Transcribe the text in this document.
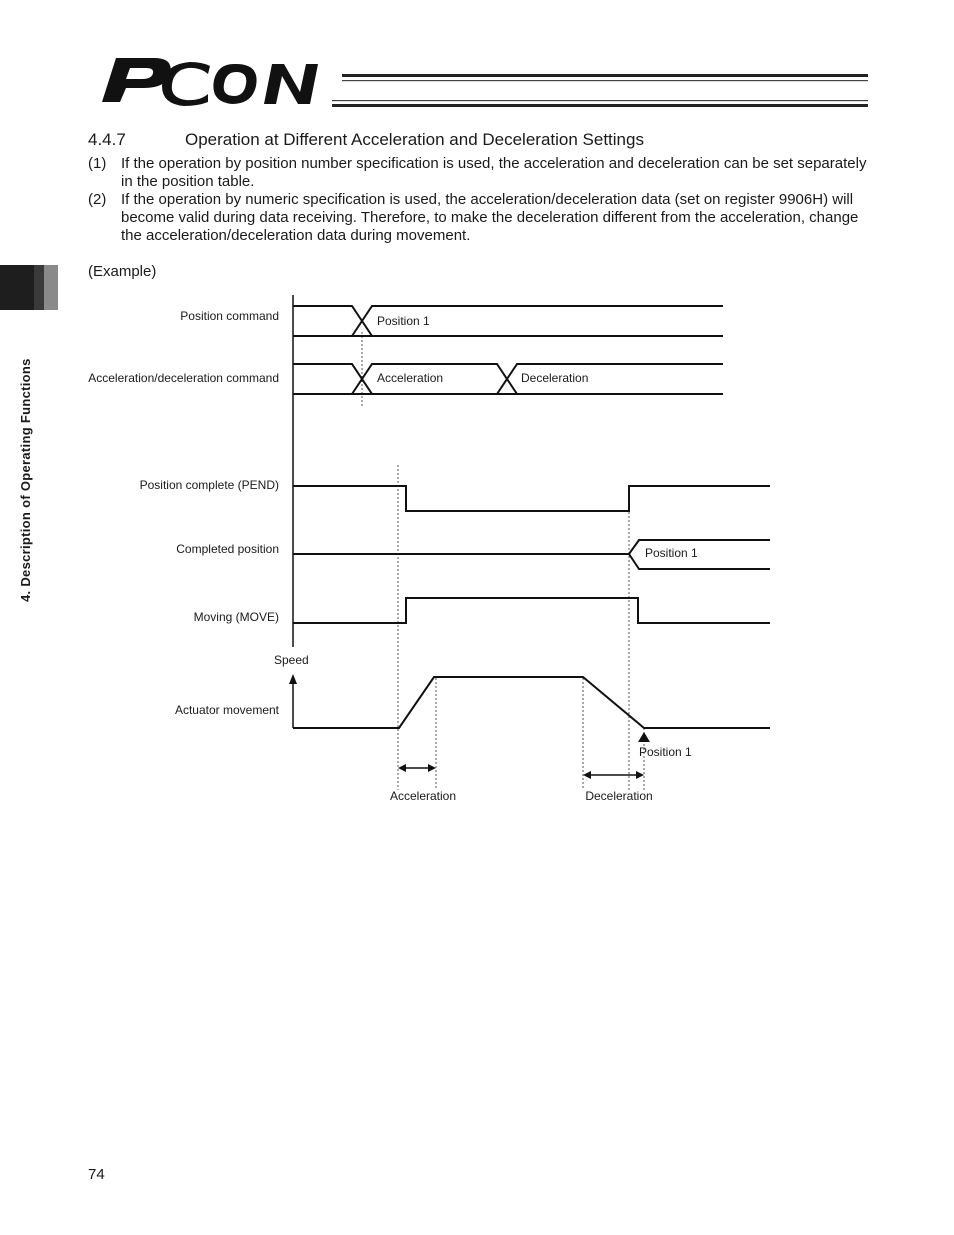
4.4.7	Operation at Different Acceleration and Deceleration Settings
(1) If the operation by position number specification is used, the acceleration and deceleration can be set separately in the position table.
(2) If the operation by numeric specification is used, the acceleration/deceleration data (set on register 9906H) will become valid during data receiving. Therefore, to make the deceleration different from the acceleration, change the acceleration/deceleration data during movement.
(Example)
4. Description of Operating Functions
Position command
Acceleration/deceleration command
Position complete (PEND)
Completed position
Moving (MOVE)
Actuator movement
Speed
Position 1
Position 1
Acceleration	Deceleration
Position 1
Acceleration	Deceleration
74
